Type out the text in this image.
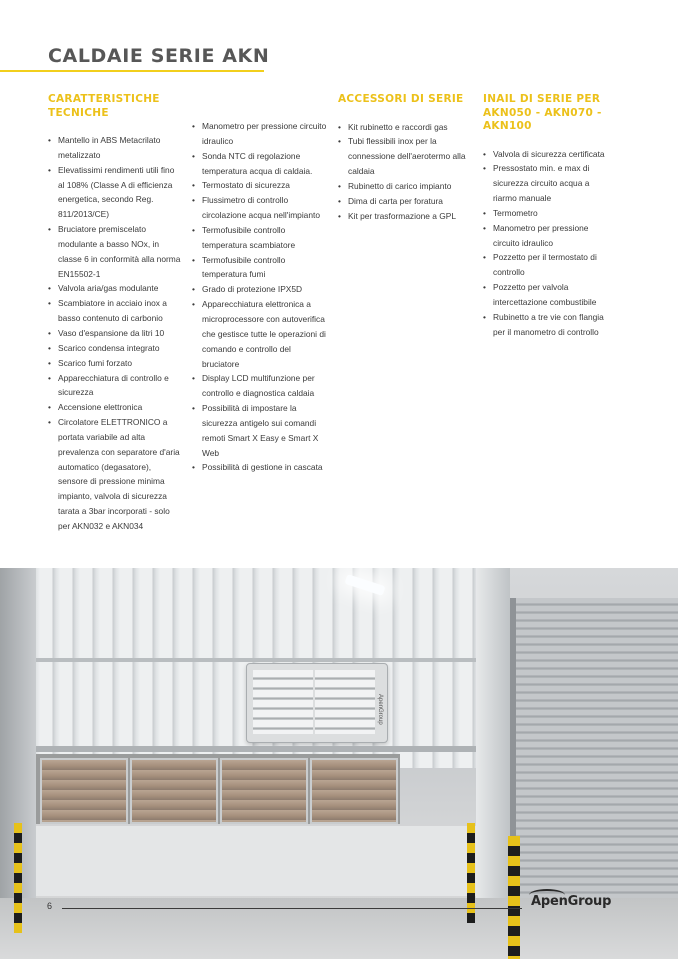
CALDAIE SERIE AKN
CARATTERISTICHE TECNICHE
• Mantello in ABS Metacrilato metalizzato
• Elevatissimi rendimenti utili fino al 108% (Classe A di efficienza energetica, secondo Reg. 811/2013/CE)
• Bruciatore premiscelato modulante a basso NOx, in classe 6 in conformità alla norma EN15502-1
• Valvola aria/gas modulante
• Scambiatore in acciaio inox a basso contenuto di carbonio
• Vaso d'espansione da litri 10
• Scarico condensa integrato
• Scarico fumi forzato
• Apparecchiatura di controllo e sicurezza
• Accensione elettronica
• Circolatore ELETTRONICO a portata variabile ad alta prevalenza con separatore d'aria automatico (degasatore), sensore di pressione minima impianto, valvola di sicurezza tarata a 3bar incorporati - solo per AKN032 e AKN034
• Manometro per pressione circuito idraulico
• Sonda NTC di regolazione temperatura acqua di caldaia.
• Termostato di sicurezza
• Flussimetro di controllo circolazione acqua nell'impianto
• Termofusibile controllo temperatura scambiatore
• Termofusibile controllo temperatura fumi
• Grado di protezione IPX5D
• Apparecchiatura elettronica a microprocessore con autoverifica che gestisce tutte le operazioni di comando e controllo del bruciatore
• Display LCD multifunzione per controllo e diagnostica caldaia
• Possibilità di impostare la sicurezza antigelo sui comandi remoti Smart X Easy e Smart X Web
• Possibilità di gestione in cascata
ACCESSORI DI SERIE
• Kit rubinetto e raccordi gas
• Tubi flessibili inox per la connessione dell'aerotermo alla caldaia
• Rubinetto di carico impianto
• Dima di carta per foratura
• Kit per trasformazione a GPL
INAIL DI SERIE PER AKN050 - AKN070 - AKN100
• Valvola di sicurezza certificata
• Pressostato min. e max di sicurezza circuito acqua a riarmo manuale
• Termometro
• Manometro per pressione circuito idraulico
• Pozzetto per il termostato di controllo
• Pozzetto per valvola intercettazione combustibile
• Rubinetto a tre vie con flangia per il manometro di controllo
ApenGroup

6	ApenGroup
